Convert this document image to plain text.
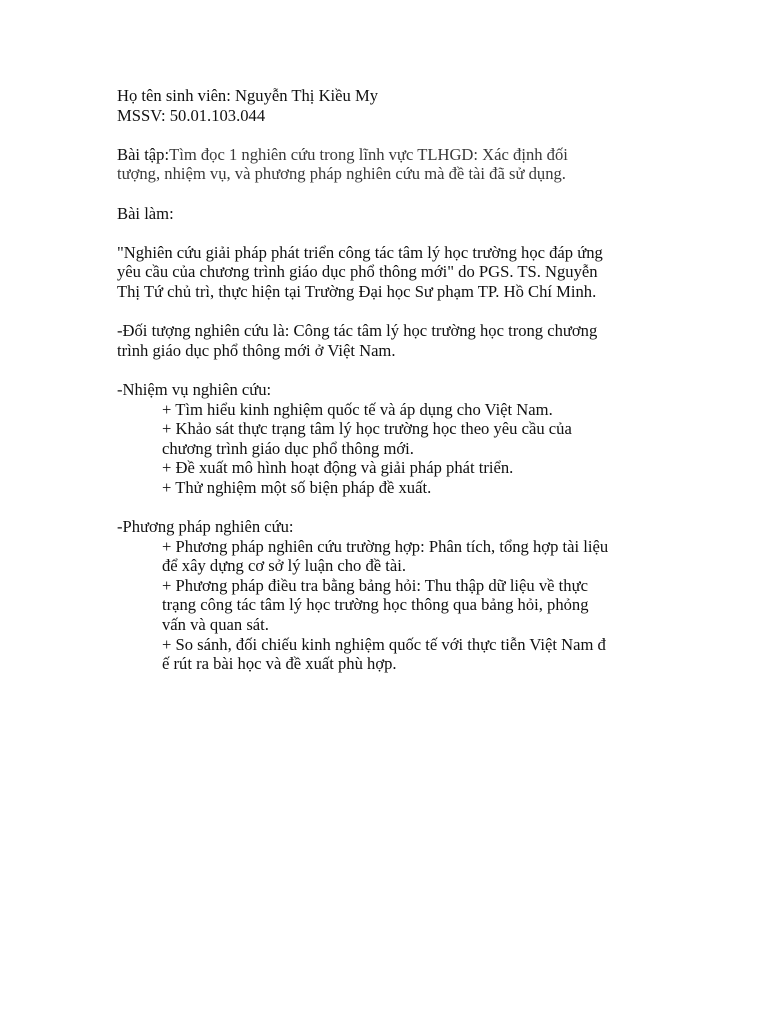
Họ tên sinh viên: Nguyễn Thị Kiều My

MSSV: 50.01.103.044

Bài tập:Tìm đọc 1 nghiên cứu trong lĩnh vực TLHGD: Xác định đối

tượng, nhiệm vụ, và phương pháp nghiên cứu mà đề tài đã sử dụng.

Bài làm:

"Nghiên cứu giải pháp phát triển công tác tâm lý học trường học đáp ứng

yêu cầu của chương trình giáo dục phổ thông mới" do PGS. TS. Nguyễn

Thị Tứ chủ trì, thực hiện tại Trường Đại học Sư phạm TP. Hồ Chí Minh.

-Đối tượng nghiên cứu là: Công tác tâm lý học trường học trong chương

trình giáo dục phổ thông mới ở Việt Nam.

-Nhiệm vụ nghiên cứu:

+ Tìm hiểu kinh nghiệm quốc tế và áp dụng cho Việt Nam.

+ Khảo sát thực trạng tâm lý học trường học theo yêu cầu của

chương trình giáo dục phổ thông mới.

+ Đề xuất mô hình hoạt động và giải pháp phát triển.

+ Thử nghiệm một số biện pháp đề xuất.

-Phương pháp nghiên cứu:

+ Phương pháp nghiên cứu trường hợp: Phân tích, tổng hợp tài liệu

để xây dựng cơ sở lý luận cho đề tài.

+ Phương pháp điều tra bằng bảng hỏi: Thu thập dữ liệu về thực

trạng công tác tâm lý học trường học thông qua bảng hỏi, phỏng

vấn và quan sát.

+ So sánh, đối chiếu kinh nghiệm quốc tế với thực tiễn Việt Nam đ

ế rút ra bài học và đề xuất phù hợp.
